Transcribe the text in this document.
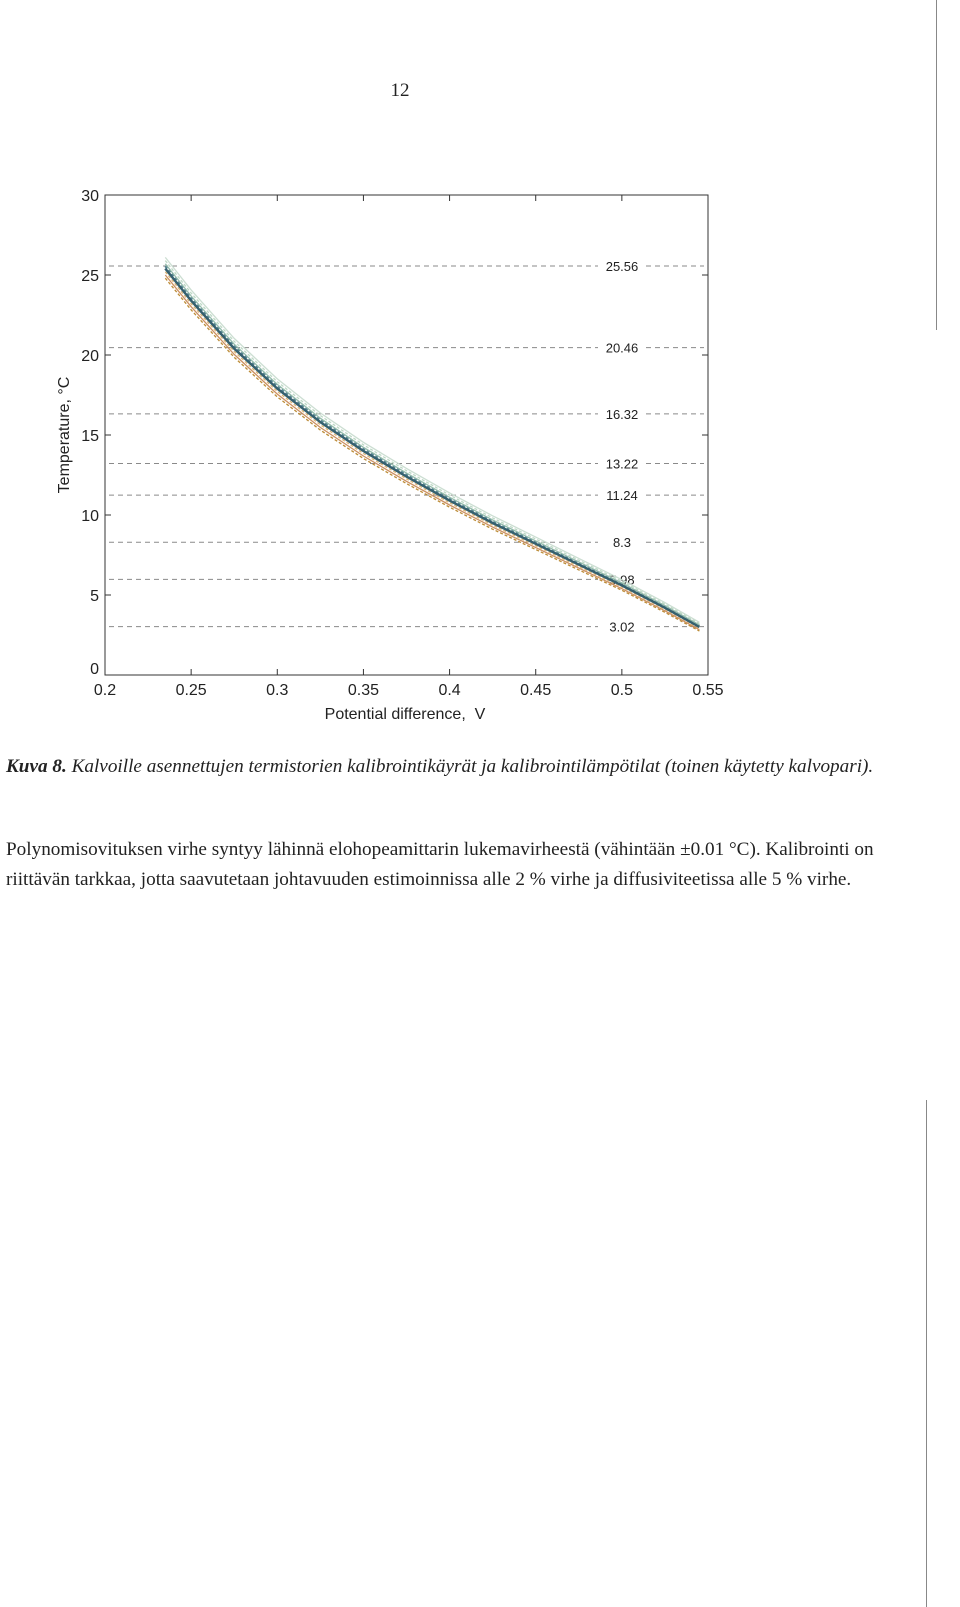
12
25.56
20.46
16.32
13.22
11.24
8.3
5.98
3.02
0.2	0.25	0.3	0.35	0.4	0.45	0.5	0.55
0
5
10
15
20
25
30
Potential difference,  V
Temperature, °C
Kuva 8. Kalvoille asennettujen termistorien kalibrointikäyrät ja kalibrointilämpötilat (toinen käytetty kalvopari).
Polynomisovituksen virhe syntyy lähinnä elohopeamittarin lukemavirheestä (vähintään ±0.01 °C). Kalibrointi on riittävän tarkkaa, jotta saavutetaan johtavuuden estimoinnissa alle 2 % virhe ja diffusiviteetissa alle 5 % virhe.
